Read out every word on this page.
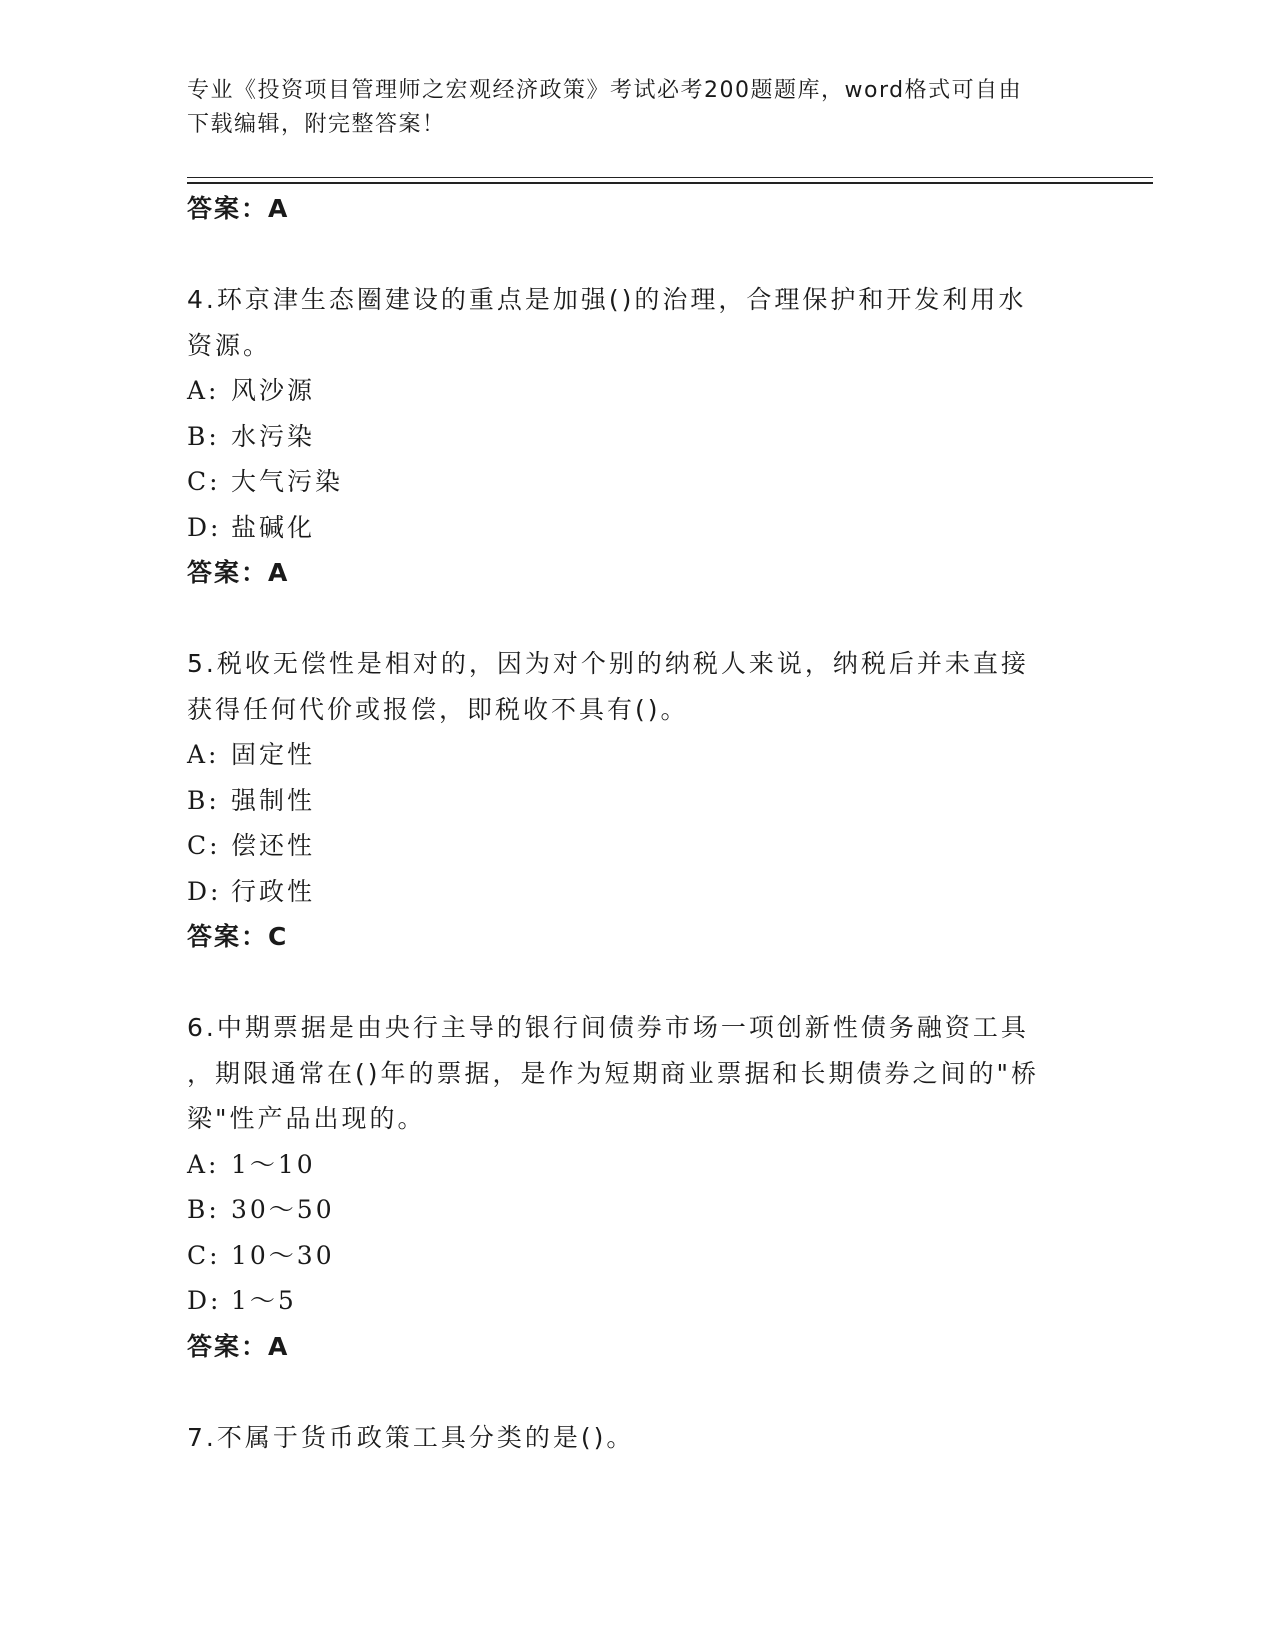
专业《投资项目管理师之宏观经济政策》考试必考200题题库，word格式可自由
下载编辑，附完整答案！
答案：A
4.环京津生态圈建设的重点是加强()的治理，合理保护和开发利用水
资源。
A: 风沙源
B: 水污染
C: 大气污染
D: 盐碱化
答案：A
5.税收无偿性是相对的，因为对个别的纳税人来说，纳税后并未直接
获得任何代价或报偿，即税收不具有()。
A: 固定性
B: 强制性
C: 偿还性
D: 行政性
答案：C
6.中期票据是由央行主导的银行间债券市场一项创新性债务融资工具
，期限通常在()年的票据，是作为短期商业票据和长期债券之间的"桥
梁"性产品出现的。
A: 1～10
B: 30～50
C: 10～30
D: 1～5
答案：A
7.不属于货币政策工具分类的是()。
